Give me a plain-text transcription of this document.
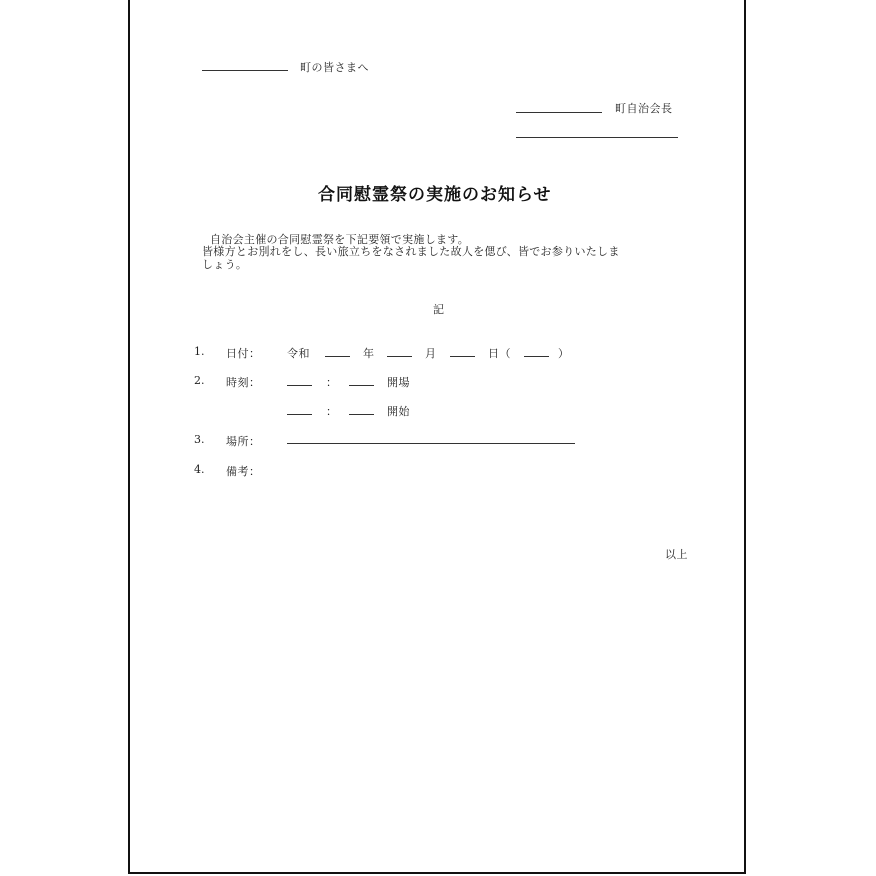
町の皆さまへ
町自治会長
合同慰霊祭の実施のお知らせ
自治会主催の合同慰霊祭を下記要領で実施します。
皆様方とお別れをし、長い旅立ちをなされました故人を偲び、皆でお参りいたしま
しょう。
記
1. 日付： 令和	年	月	日（	）
2. 時刻：	：	開場
：	開始
3. 場所：
4. 備考：
以上
